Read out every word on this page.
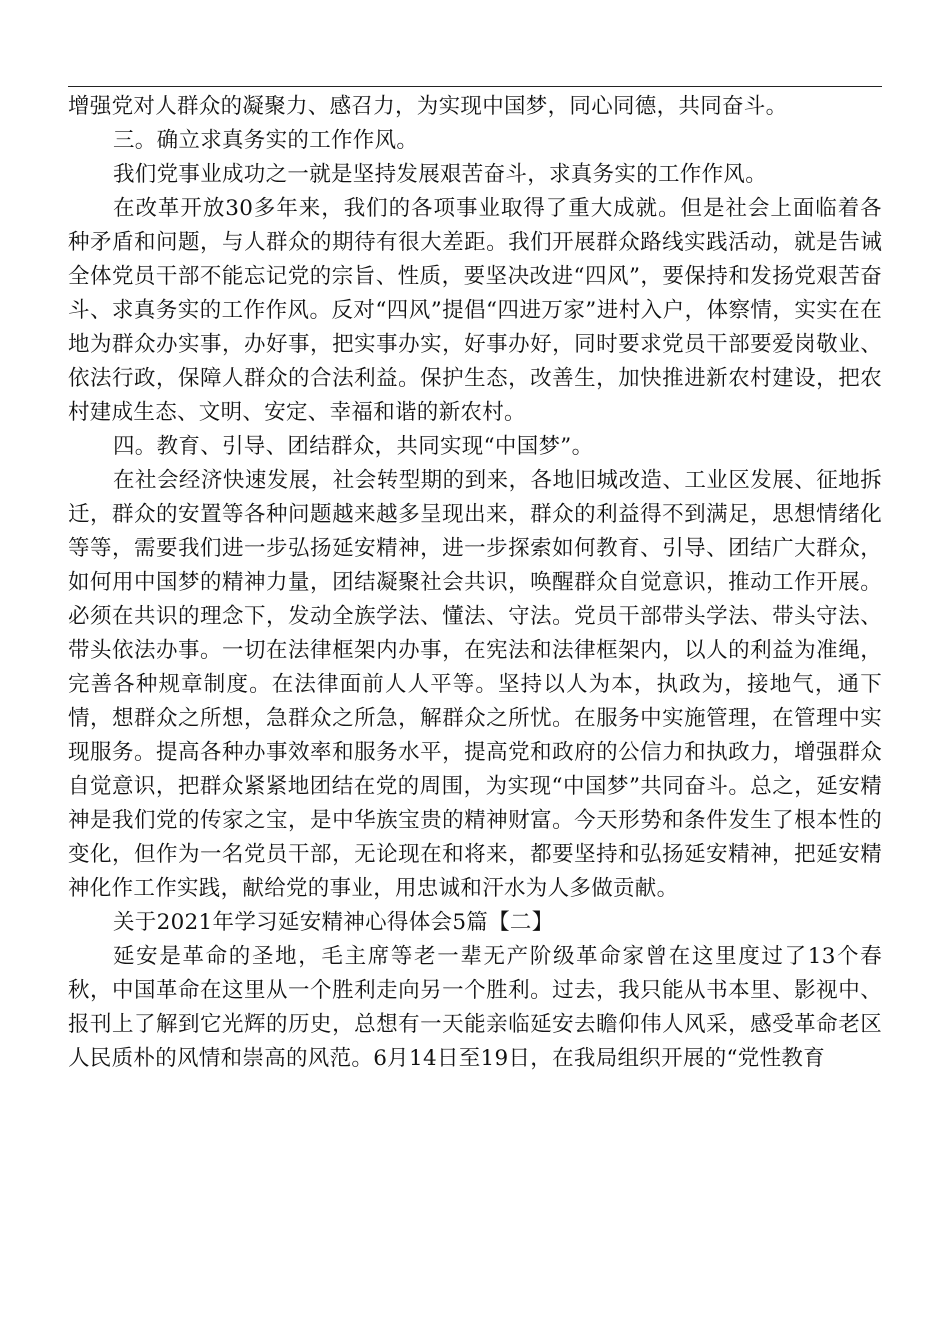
增强党对人群众的凝聚力、感召力，为实现中国梦，同心同德，共同奋斗。

三。确立求真务实的工作作风。

我们党事业成功之一就是坚持发展艰苦奋斗，求真务实的工作作风。

在改革开放30多年来，我们的各项事业取得了重大成就。但是社会上面临着各种矛盾和问题，与人群众的期待有很大差距。我们开展群众路线实践活动，就是告诫全体党员干部不能忘记党的宗旨、性质，要坚决改进“四风”，要保持和发扬党艰苦奋斗、求真务实的工作作风。反对“四风”提倡“四进万家”进村入户，体察情，实实在在地为群众办实事，办好事，把实事办实，好事办好，同时要求党员干部要爱岗敬业、依法行政，保障人群众的合法利益。保护生态，改善生，加快推进新农村建设，把农村建成生态、文明、安定、幸福和谐的新农村。

四。教育、引导、团结群众，共同实现“中国梦”。

在社会经济快速发展，社会转型期的到来，各地旧城改造、工业区发展、征地拆迁，群众的安置等各种问题越来越多呈现出来，群众的利益得不到满足，思想情绪化等等，需要我们进一步弘扬延安精神，进一步探索如何教育、引导、团结广大群众，如何用中国梦的精神力量，团结凝聚社会共识，唤醒群众自觉意识，推动工作开展。必须在共识的理念下，发动全族学法、懂法、守法。党员干部带头学法、带头守法、带头依法办事。一切在法律框架内办事，在宪法和法律框架内，以人的利益为准绳，完善各种规章制度。在法律面前人人平等。坚持以人为本，执政为，接地气，通下情，想群众之所想，急群众之所急，解群众之所忧。在服务中实施管理，在管理中实现服务。提高各种办事效率和服务水平，提高党和政府的公信力和执政力，增强群众自觉意识，把群众紧紧地团结在党的周围，为实现“中国梦”共同奋斗。总之，延安精神是我们党的传家之宝，是中华族宝贵的精神财富。今天形势和条件发生了根本性的变化，但作为一名党员干部，无论现在和将来，都要坚持和弘扬延安精神，把延安精神化作工作实践，献给党的事业，用忠诚和汗水为人多做贡献。

关于2021年学习延安精神心得体会5篇【二】

延安是革命的圣地，毛主席等老一辈无产阶级革命家曾在这里度过了13个春秋，中国革命在这里从一个胜利走向另一个胜利。过去，我只能从书本里、影视中、报刊上了解到它光辉的历史，总想有一天能亲临延安去瞻仰伟人风采，感受革命老区人民质朴的风情和崇高的风范。6月14日至19日，在我局组织开展的“党性教育
